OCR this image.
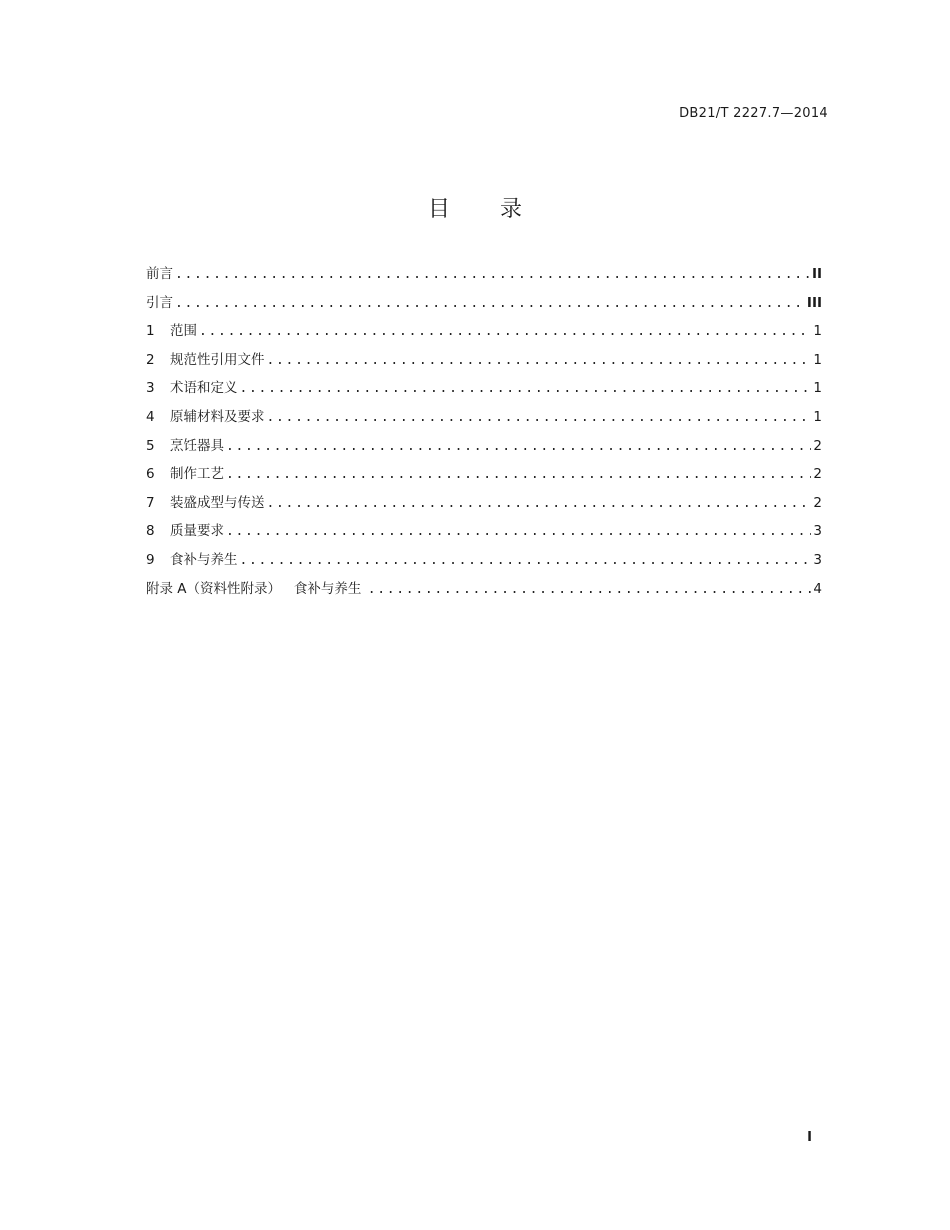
DB21/T 2227.7—2014
目 录
前言 .....	II
引言 .....	III
1	范围 .....	1
2	规范性引用文件 .....	1
3	术语和定义 .....	1
4	原辅材料及要求 .....	1
5	烹饪器具 .....	2
6	制作工艺 .....	2
7	装盛成型与传送 .....	2
8	质量要求 .....	3
9	食补与养生 .....	3
附录 A（资料性附录）   食补与养生 .....	4
I
